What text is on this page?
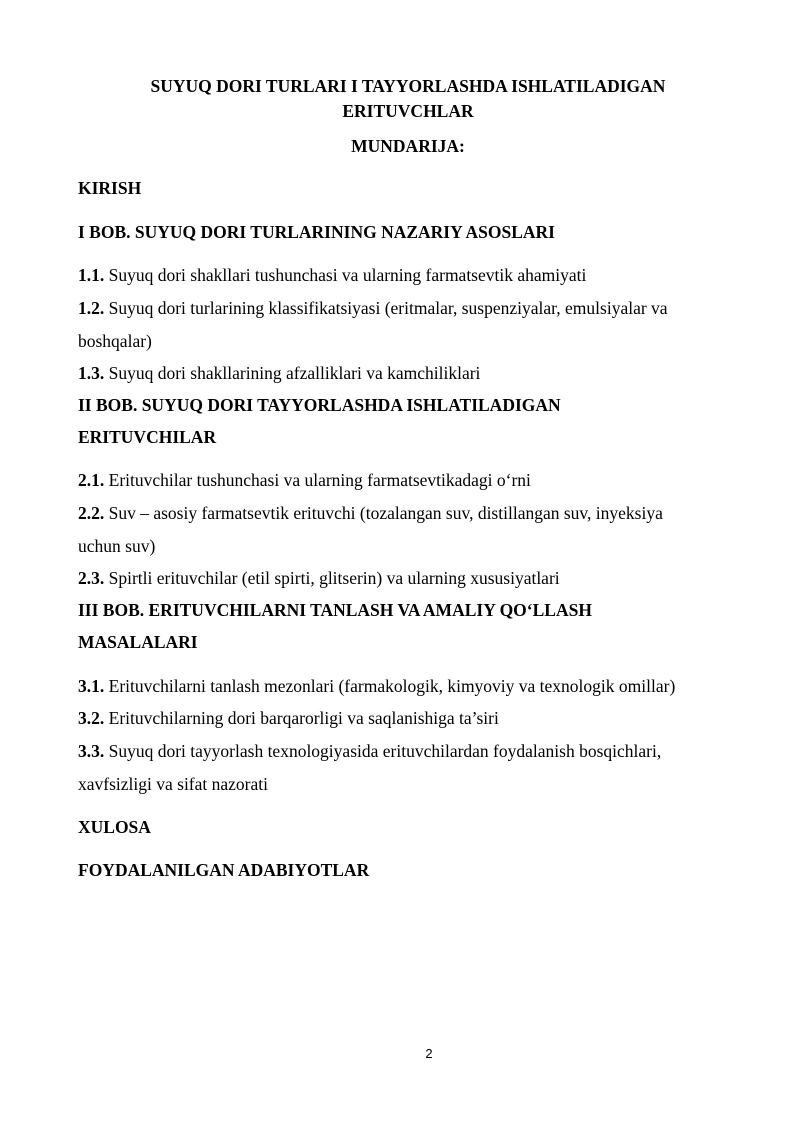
SUYUQ DORI TURLARI I TAYYORLASHDA ISHLATILADIGAN
ERITUVCHLAR
MUNDARIJA:
KIRISH
I BOB. SUYUQ DORI TURLARINING NAZARIY ASOSLARI
1.1. Suyuq dori shakllari tushunchasi va ularning farmatsevtik ahamiyati
1.2. Suyuq dori turlarining klassifikatsiyasi (eritmalar, suspenziyalar, emulsiyalar va
boshqalar)
1.3. Suyuq dori shakllarining afzalliklari va kamchiliklari
II BOB. SUYUQ DORI TAYYORLASHDA ISHLATILADIGAN
ERITUVCHILAR
2.1. Erituvchilar tushunchasi va ularning farmatsevtikadagi o‘rni
2.2. Suv – asosiy farmatsevtik erituvchi (tozalangan suv, distillangan suv, inyeksiya
uchun suv)
2.3. Spirtli erituvchilar (etil spirti, glitserin) va ularning xususiyatlari
III BOB. ERITUVCHILARNI TANLASH VA AMALIY QO‘LLASH
MASALALARI
3.1. Erituvchilarni tanlash mezonlari (farmakologik, kimyoviy va texnologik omillar)
3.2. Erituvchilarning dori barqarorligi va saqlanishiga ta’siri
3.3. Suyuq dori tayyorlash texnologiyasida erituvchilardan foydalanish bosqichlari,
xavfsizligi va sifat nazorati
XULOSA
FOYDALANILGAN ADABIYOTLAR
2
